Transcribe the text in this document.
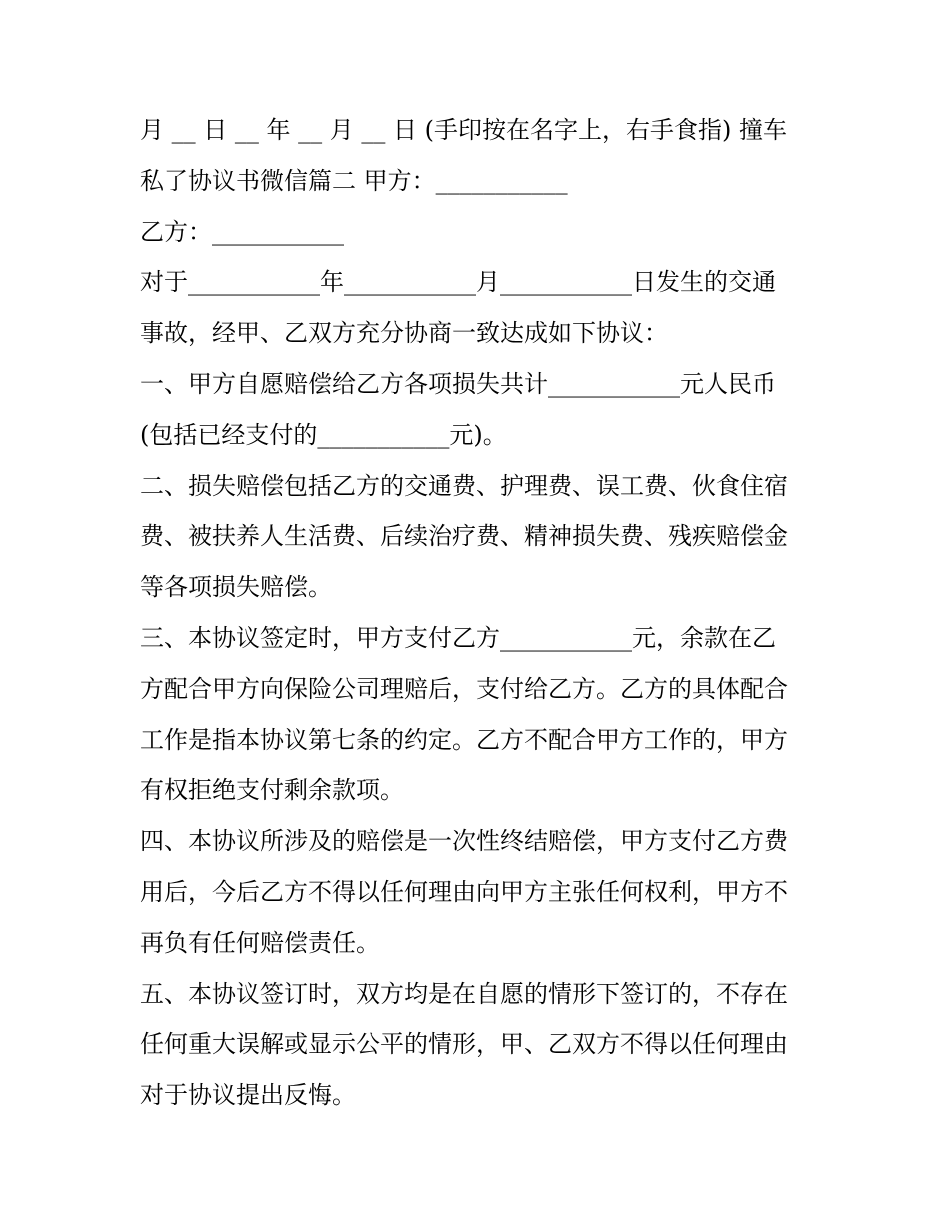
月 __ 日 __ 年 __ 月 __ 日 (手印按在名字上，右手食指) 撞车
私了协议书微信篇二 甲方：___________
乙方：___________
对于___________年___________月___________日发生的交通
事故，经甲、乙双方充分协商一致达成如下协议：
一、甲方自愿赔偿给乙方各项损失共计___________元人民币
(包括已经支付的___________元)。
二、损失赔偿包括乙方的交通费、护理费、误工费、伙食住宿
费、被扶养人生活费、后续治疗费、精神损失费、残疾赔偿金
等各项损失赔偿。
三、本协议签定时，甲方支付乙方___________元，余款在乙
方配合甲方向保险公司理赔后，支付给乙方。乙方的具体配合
工作是指本协议第七条的约定。乙方不配合甲方工作的，甲方
有权拒绝支付剩余款项。
四、本协议所涉及的赔偿是一次性终结赔偿，甲方支付乙方费
用后，今后乙方不得以任何理由向甲方主张任何权利，甲方不
再负有任何赔偿责任。
五、本协议签订时，双方均是在自愿的情形下签订的，不存在
任何重大误解或显示公平的情形，甲、乙双方不得以任何理由
对于协议提出反悔。
